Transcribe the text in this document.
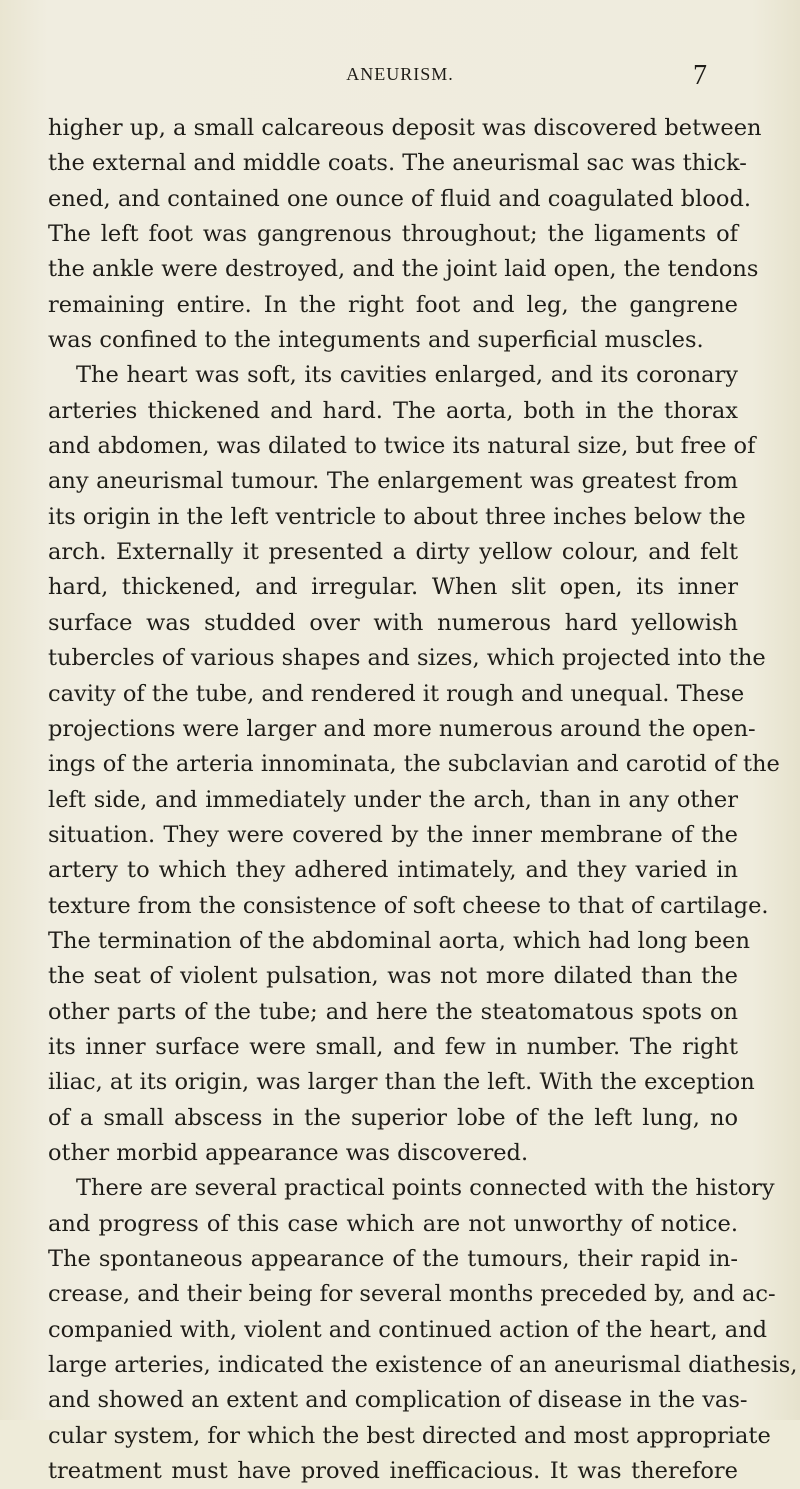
ANEURISM.	7
higher up, a small calcareous deposit was discovered between
the external and middle coats. The aneurismal sac was thick-
ened, and contained one ounce of fluid and coagulated blood.
The left foot was gangrenous throughout; the ligaments of
the ankle were destroyed, and the joint laid open, the tendons
remaining entire. In the right foot and leg, the gangrene
was confined to the integuments and superficial muscles.
The heart was soft, its cavities enlarged, and its coronary
arteries thickened and hard. The aorta, both in the thorax
and abdomen, was dilated to twice its natural size, but free of
any aneurismal tumour. The enlargement was greatest from
its origin in the left ventricle to about three inches below the
arch. Externally it presented a dirty yellow colour, and felt
hard, thickened, and irregular. When slit open, its inner
surface was studded over with numerous hard yellowish
tubercles of various shapes and sizes, which projected into the
cavity of the tube, and rendered it rough and unequal. These
projections were larger and more numerous around the open-
ings of the arteria innominata, the subclavian and carotid of the
left side, and immediately under the arch, than in any other
situation. They were covered by the inner membrane of the
artery to which they adhered intimately, and they varied in
texture from the consistence of soft cheese to that of cartilage.
The termination of the abdominal aorta, which had long been
the seat of violent pulsation, was not more dilated than the
other parts of the tube; and here the steatomatous spots on
its inner surface were small, and few in number. The right
iliac, at its origin, was larger than the left. With the exception
of a small abscess in the superior lobe of the left lung, no
other morbid appearance was discovered.
There are several practical points connected with the history
and progress of this case which are not unworthy of notice.
The spontaneous appearance of the tumours, their rapid in-
crease, and their being for several months preceded by, and ac-
companied with, violent and continued action of the heart, and
large arteries, indicated the existence of an aneurismal diathesis,
and showed an extent and complication of disease in the vas-
cular system, for which the best directed and most appropriate
treatment must have proved inefficacious. It was therefore
